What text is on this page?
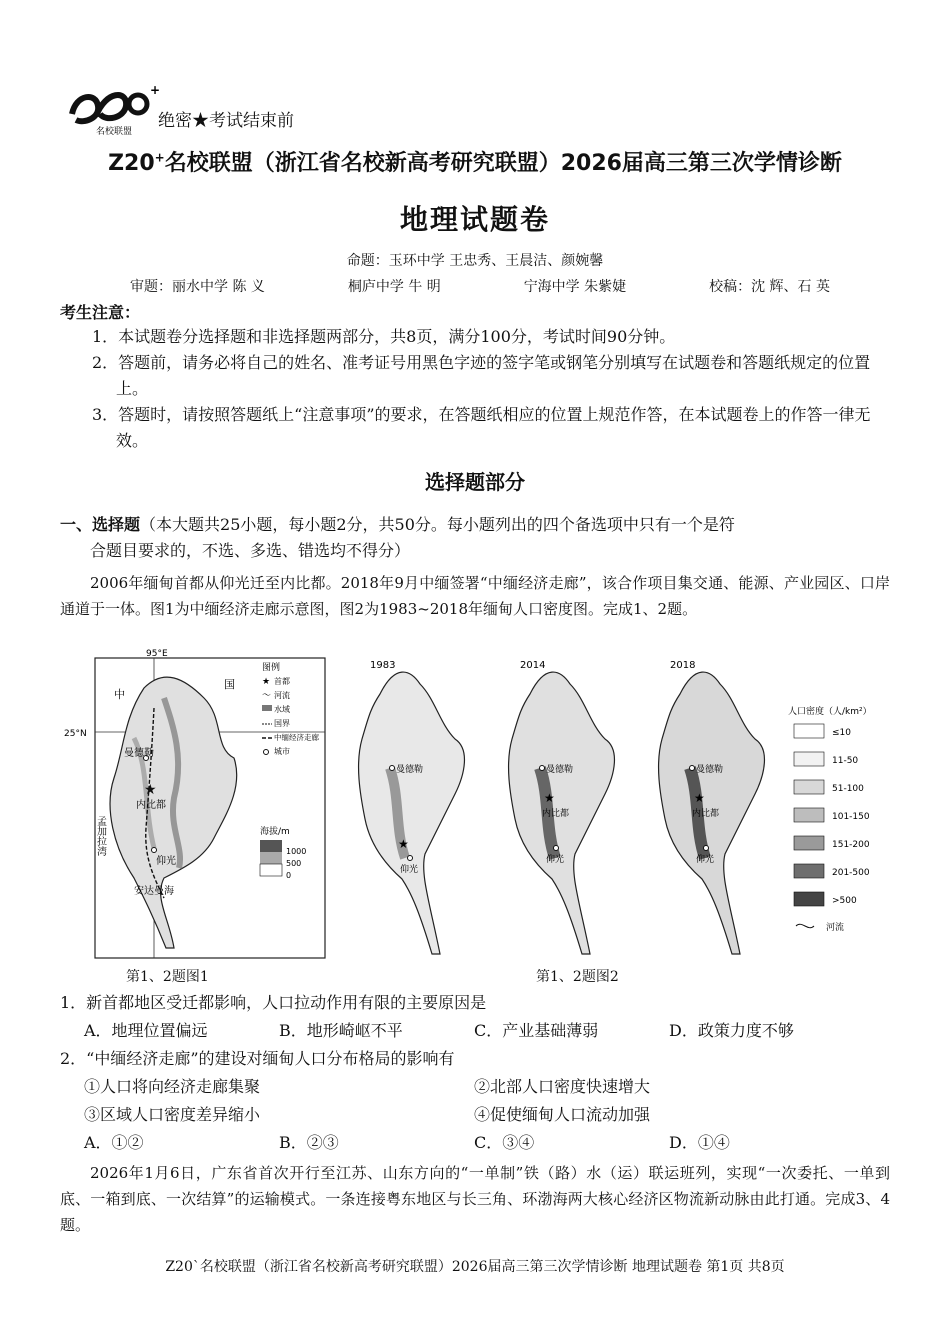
+
名校联盟
绝密★考试结束前
Z20+名校联盟（浙江省名校新高考研究联盟）2026届高三第三次学情诊断
地理试题卷
命题：玉环中学 王忠秀、王晨洁、颜婉馨
审题：丽水中学 陈 义	桐庐中学 牛 明	宁海中学 朱紫婕	校稿：沈 辉、石 英
考生注意：
1．本试题卷分选择题和非选择题两部分，共8页，满分100分，考试时间90分钟。
2．答题前，请务必将自己的姓名、准考证号用黑色字迹的签字笔或钢笔分别填写在试题卷和答题纸规定的位置上。
3．答题时，请按照答题纸上“注意事项”的要求，在答题纸相应的位置上规范作答，在本试题卷上的作答一律无效。
选择题部分
一、选择题（本大题共25小题，每小题2分，共50分。每小题列出的四个备选项中只有一个是符
合题目要求的，不选、多选、错选均不得分）
2006年缅甸首都从仰光迁至内比都。2018年9月中缅签署“中缅经济走廊”，该合作项目集交通、能源、产业园区、口岸通道于一体。图1为中缅经济走廊示意图，图2为1983~2018年缅甸人口密度图。完成1、2题。
95°E
25°N
中
国
曼德勒
★
内比都
仰光
孟加拉湾
安达曼海
图例
★ 首都
〜 河流
水域
国界
中缅经济走廊
城市
海拔/m
1000
500
0
第1、2题图1
1983
曼德勒
★
仰光
2014
曼德勒
★
内比都
仰光
2018
曼德勒
★
内比都
仰光
人口密度（人/km²）
≤10
11-50
51-100
101-150
151-200
201-500
>500
河流
第1、2题图2
1．新首都地区受迁都影响，人口拉动作用有限的主要原因是
A．地理位置偏远	B．地形崎岖不平	C．产业基础薄弱	D．政策力度不够
2．“中缅经济走廊”的建设对缅甸人口分布格局的影响有
①人口将向经济走廊集聚	②北部人口密度快速增大
③区域人口密度差异缩小	④促使缅甸人口流动加强
A．①②	B．②③	C．③④	D．①④
2026年1月6日，广东省首次开行至江苏、山东方向的“一单制”铁（路）水（运）联运班列，实现“一次委托、一单到底、一箱到底、一次结算”的运输模式。一条连接粤东地区与长三角、环渤海两大核心经济区物流新动脉由此打通。完成3、4题。
Z20`名校联盟（浙江省名校新高考研究联盟）2026届高三第三次学情诊断 地理试题卷 第1页 共8页
